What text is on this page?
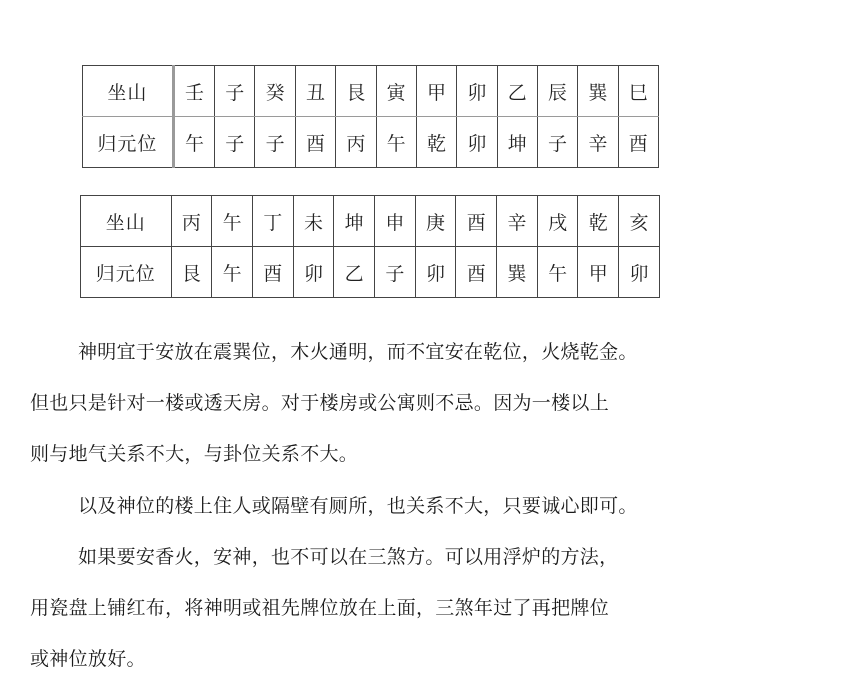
坐山	壬	子	癸	丑	艮	寅	甲	卯	乙	辰	巽	巳
归元位	午	子	子	酉	丙	午	乾	卯	坤	子	辛	酉
坐山	丙	午	丁	未	坤	申	庚	酉	辛	戌	乾	亥
归元位	艮	午	酉	卯	乙	子	卯	酉	巽	午	甲	卯

神明宜于安放在震巽位，木火通明，而不宜安在乾位，火烧乾金。
但也只是针对一楼或透天房。对于楼房或公寓则不忌。因为一楼以上
则与地气关系不大，与卦位关系不大。

以及神位的楼上住人或隔壁有厕所，也关系不大，只要诚心即可。

如果要安香火，安神，也不可以在三煞方。可以用浮炉的方法，
用瓷盘上铺红布，将神明或祖先牌位放在上面，三煞年过了再把牌位
或神位放好。
